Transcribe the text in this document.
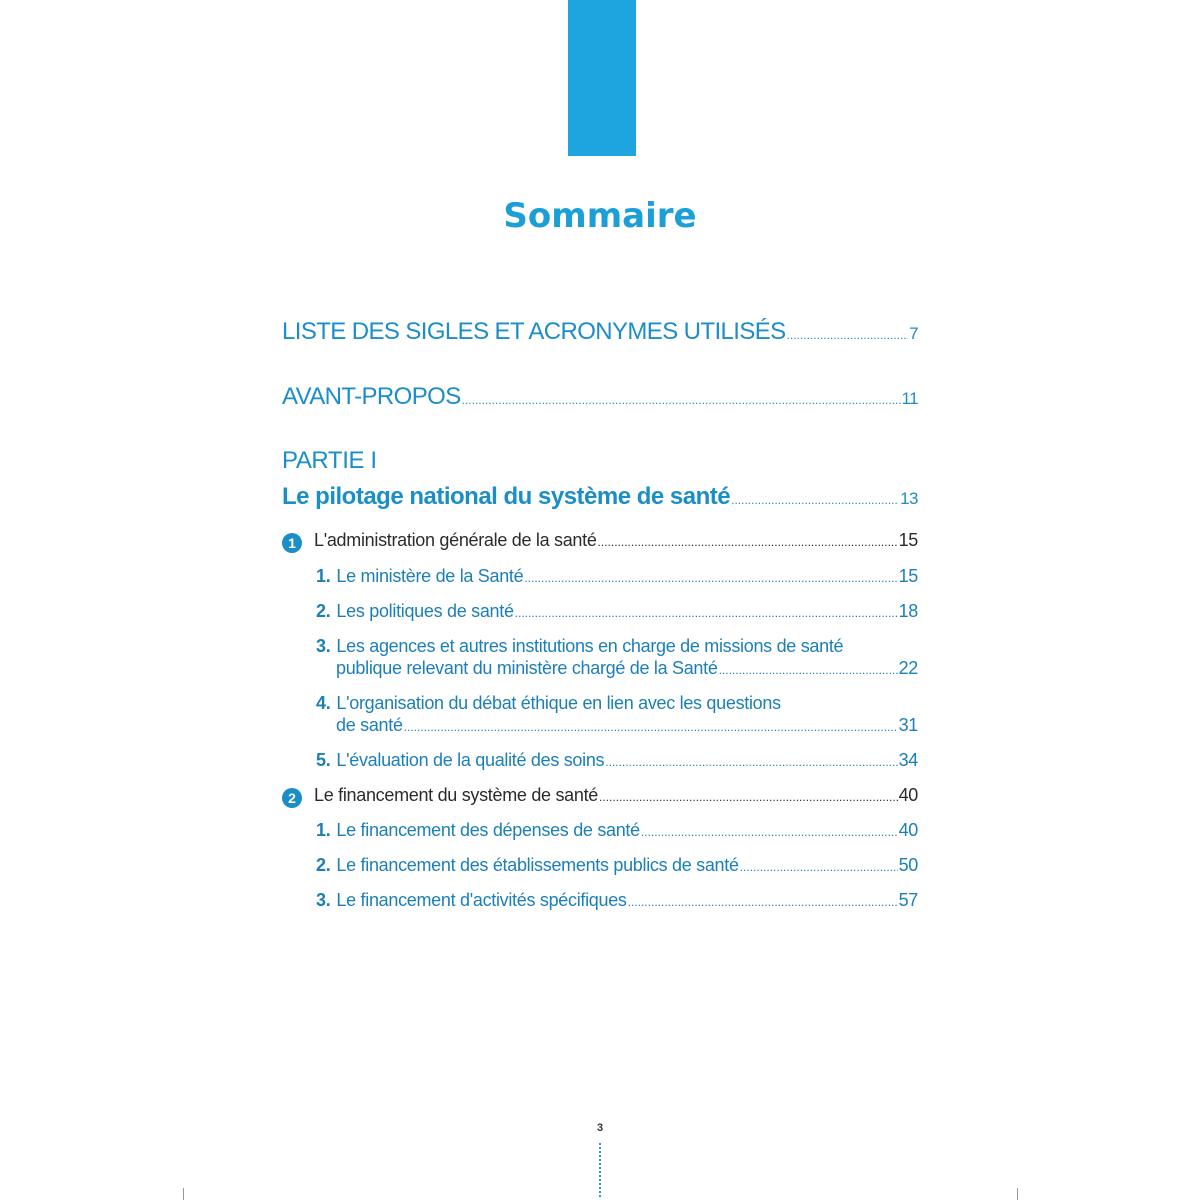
Sommaire
LISTE DES SIGLES ET ACRONYMES UTILISÉS .....	7
AVANT-PROPOS .....	11
PARTIE I
Le pilotage national du système de santé .....	13
1 L'administration générale de la santé .....	15
1. Le ministère de la Santé .....	15
2. Les politiques de santé .....	18
3. Les agences et autres institutions en charge de missions de santé
publique relevant du ministère chargé de la Santé .....	22
4. L'organisation du débat éthique en lien avec les questions
de santé .....	31
5. L'évaluation de la qualité des soins .....	34
2 Le financement du système de santé .....	40
1. Le financement des dépenses de santé .....	40
2. Le financement des établissements publics de santé .....	50
3. Le financement d'activités spécifiques .....	57
3
